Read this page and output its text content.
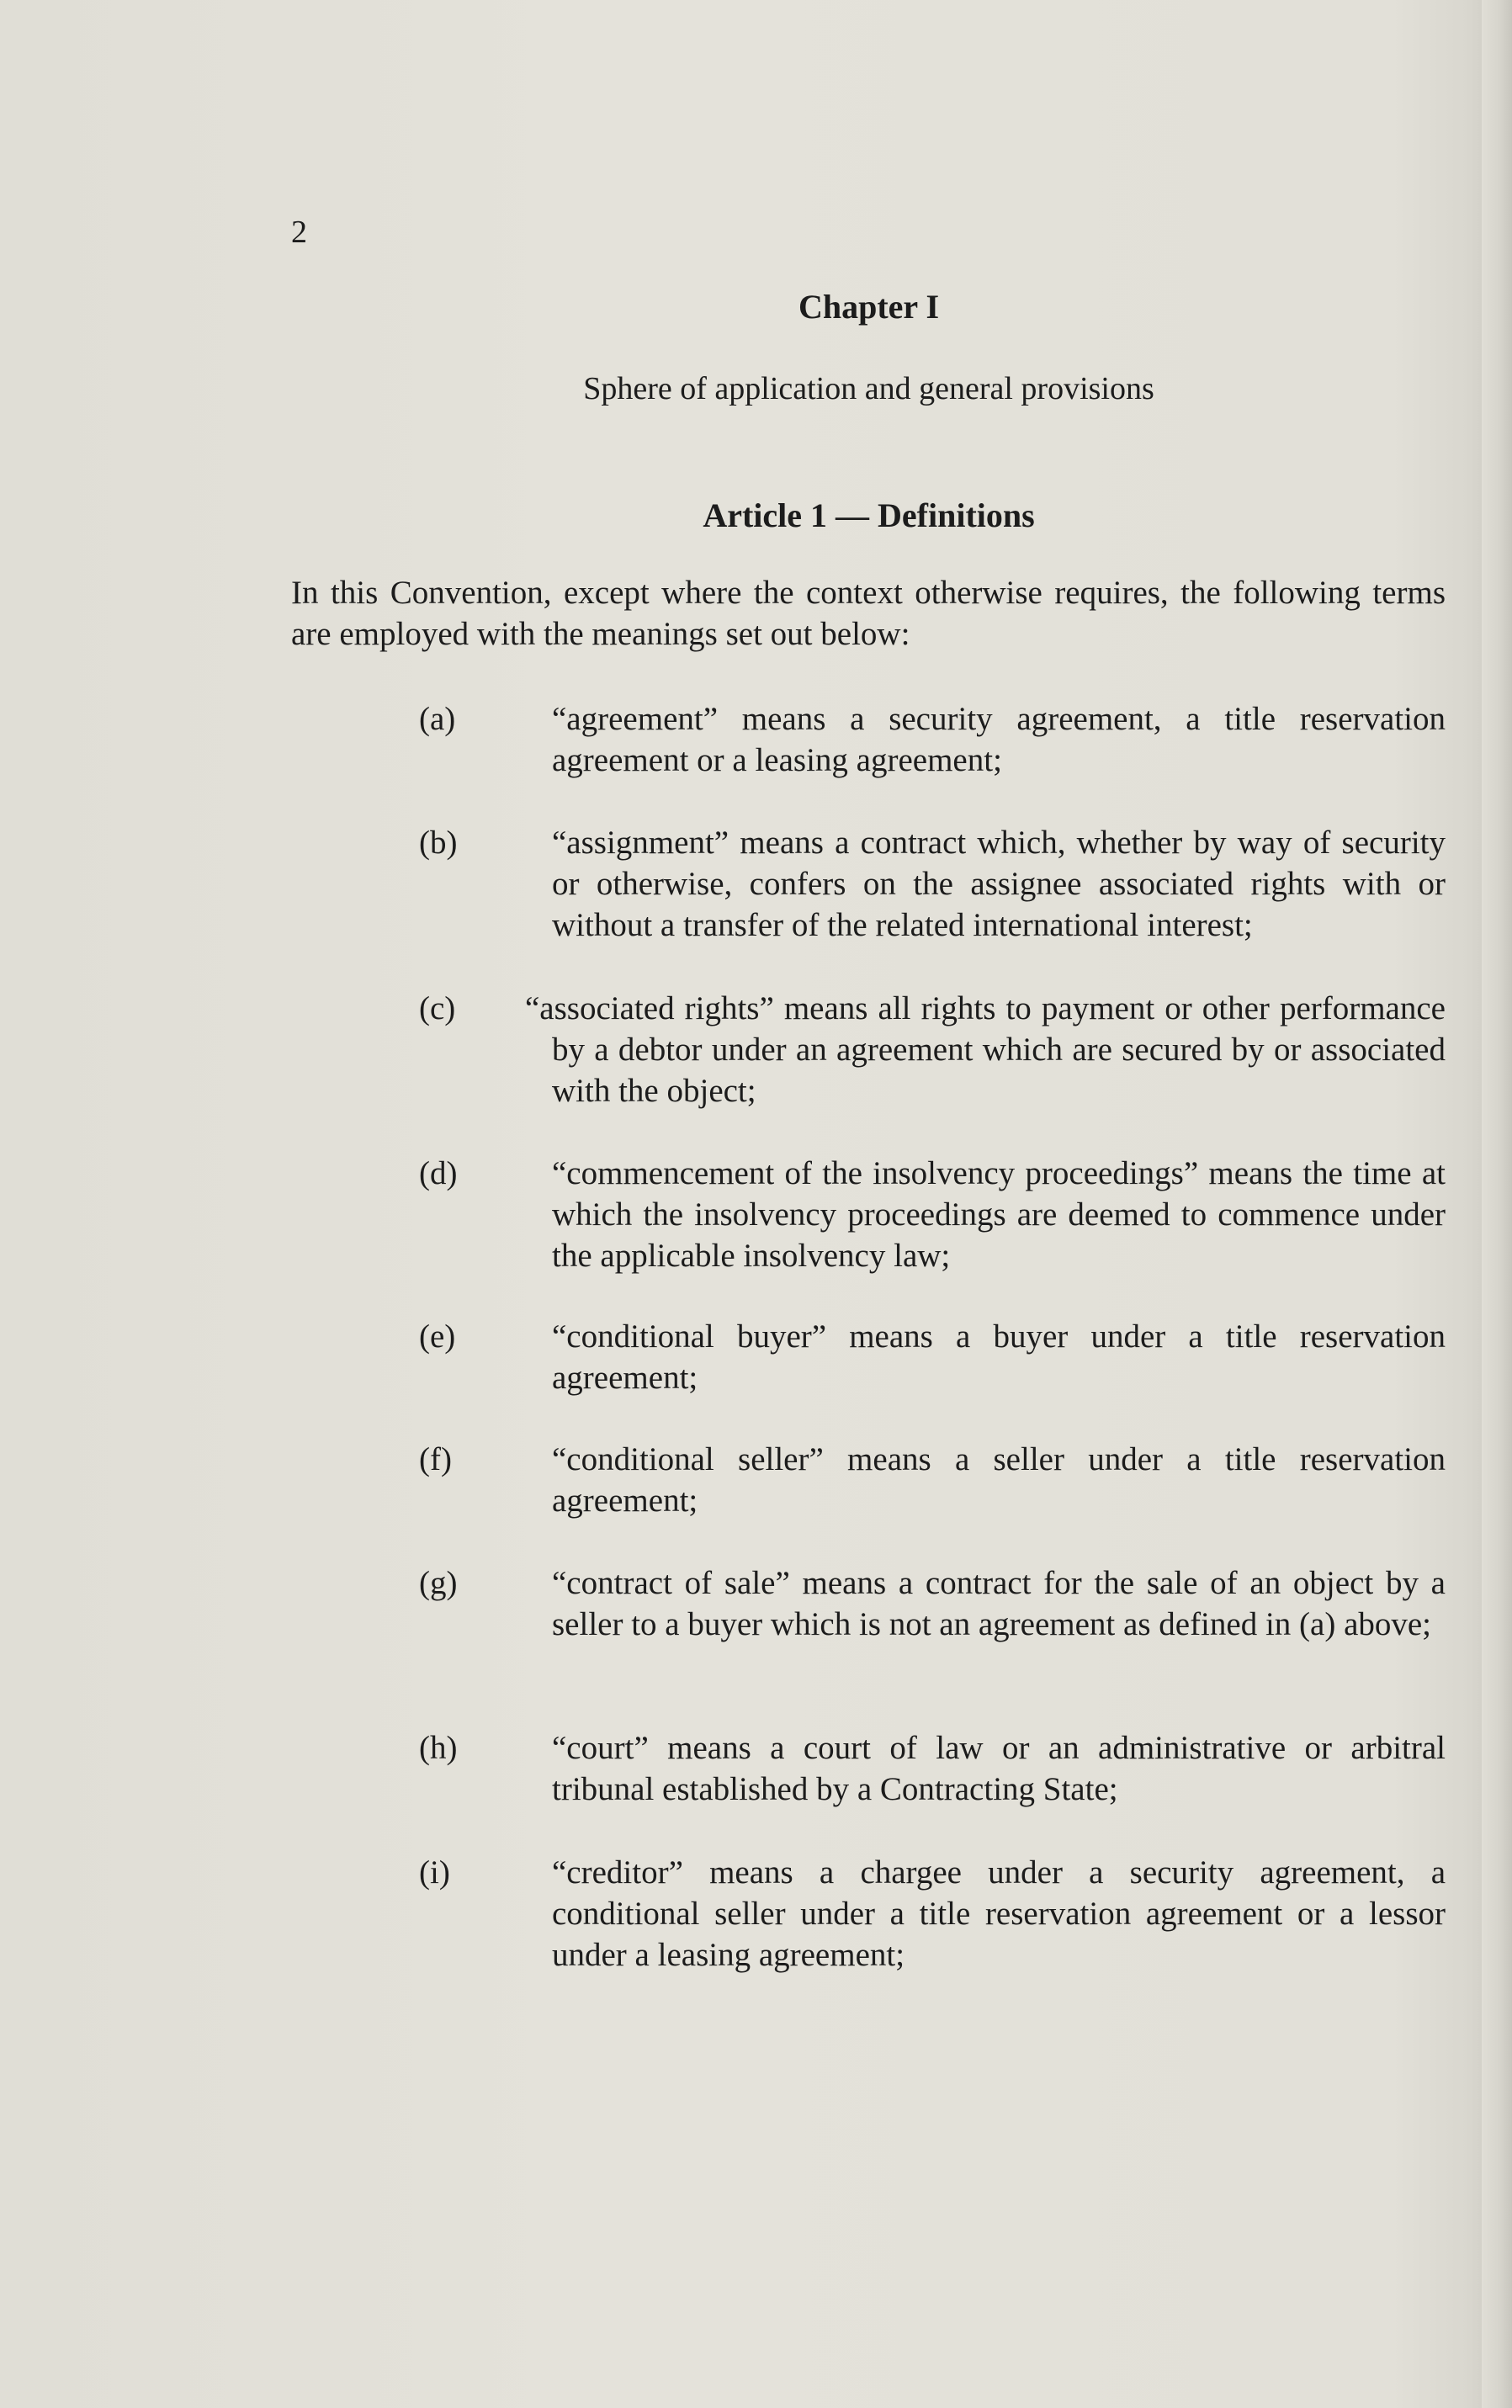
2
Chapter I
Sphere of application and general provisions
Article 1 — Definitions
In this Convention, except where the context otherwise requires, the following terms are employed with the meanings set out below:
(a)	“agreement” means a security agreement, a title reservation agreement or a leasing agreement;
(b)	“assignment” means a contract which, whether by way of security or otherwise, confers on the assignee associated rights with or without a transfer of the related international interest;
(c) “associated rights” means all rights to payment or other performance by a debtor under an agreement which are secured by or associated with the object;
(d)	“commencement of the insolvency proceedings” means the time at which the insolvency proceedings are deemed to commence under the applicable insolvency law;
(e)	“conditional buyer” means a buyer under a title reservation agreement;
(f)	“conditional seller” means a seller under a title reservation agreement;
(g)	“contract of sale” means a contract for the sale of an object by a seller to a buyer which is not an agreement as defined in (a) above;
(h)	“court” means a court of law or an administrative or arbitral tribunal established by a Contracting State;
(i)	“creditor” means a chargee under a security agreement, a conditional seller under a title reservation agreement or a lessor under a leasing agreement;
